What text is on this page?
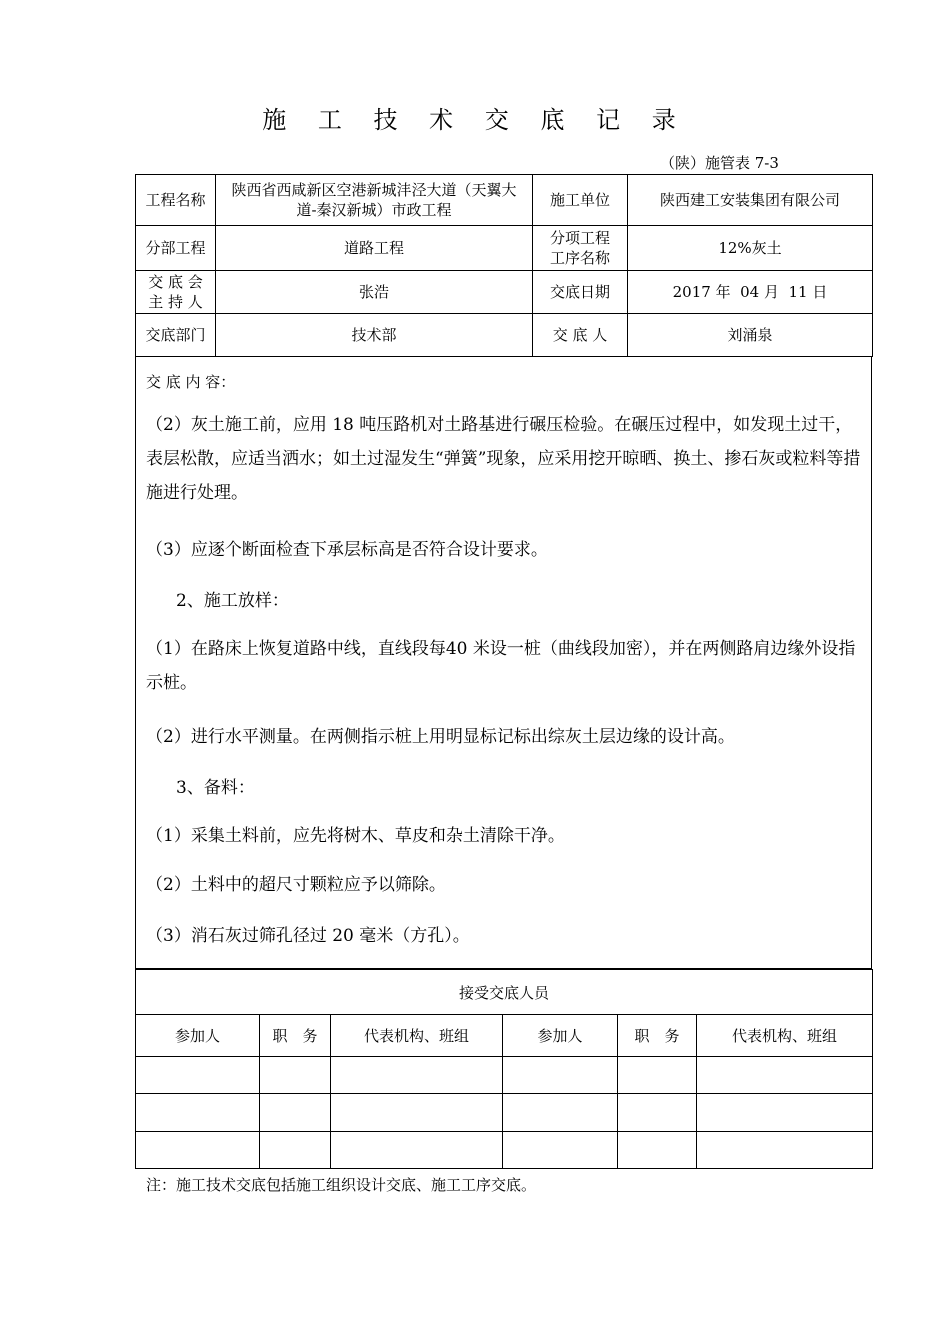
施 工 技 术 交 底 记 录
（陕）施管表 7-3
工程名称	陕西省西咸新区空港新城沣泾大道（天翼大道-秦汉新城）市政工程	施工单位	陕西建工安装集团有限公司
分部工程	道路工程	分项工程工序名称	12%灰土
交 底 会主 持 人	张浩	交底日期	2017 年  04 月  11 日
交底部门	技术部	交 底 人	刘涌泉

交 底 内 容：

（2）灰土施工前，应用 18 吨压路机对土路基进行碾压检验。在碾压过程中，如发现土过干，表层松散，应适当洒水；如土过湿发生“弹簧”现象，应采用挖开晾晒、换土、掺石灰或粒料等措施进行处理。

（3）应逐个断面检查下承层标高是否符合设计要求。

2、施工放样：

（1）在路床上恢复道路中线，直线段每40 米设一桩（曲线段加密），并在两侧路肩边缘外设指示桩。

（2）进行水平测量。在两侧指示桩上用明显标记标出综灰土层边缘的设计高。

3、备料：

（1）采集土料前，应先将树木、草皮和杂土清除干净。

（2）土料中的超尺寸颗粒应予以筛除。

（3）消石灰过筛孔径过 20 毫米（方孔）。

接受交底人员					
参加人	职　务	代表机构、班组	参加人	职　务	代表机构、班组

注：施工技术交底包括施工组织设计交底、施工工序交底。
